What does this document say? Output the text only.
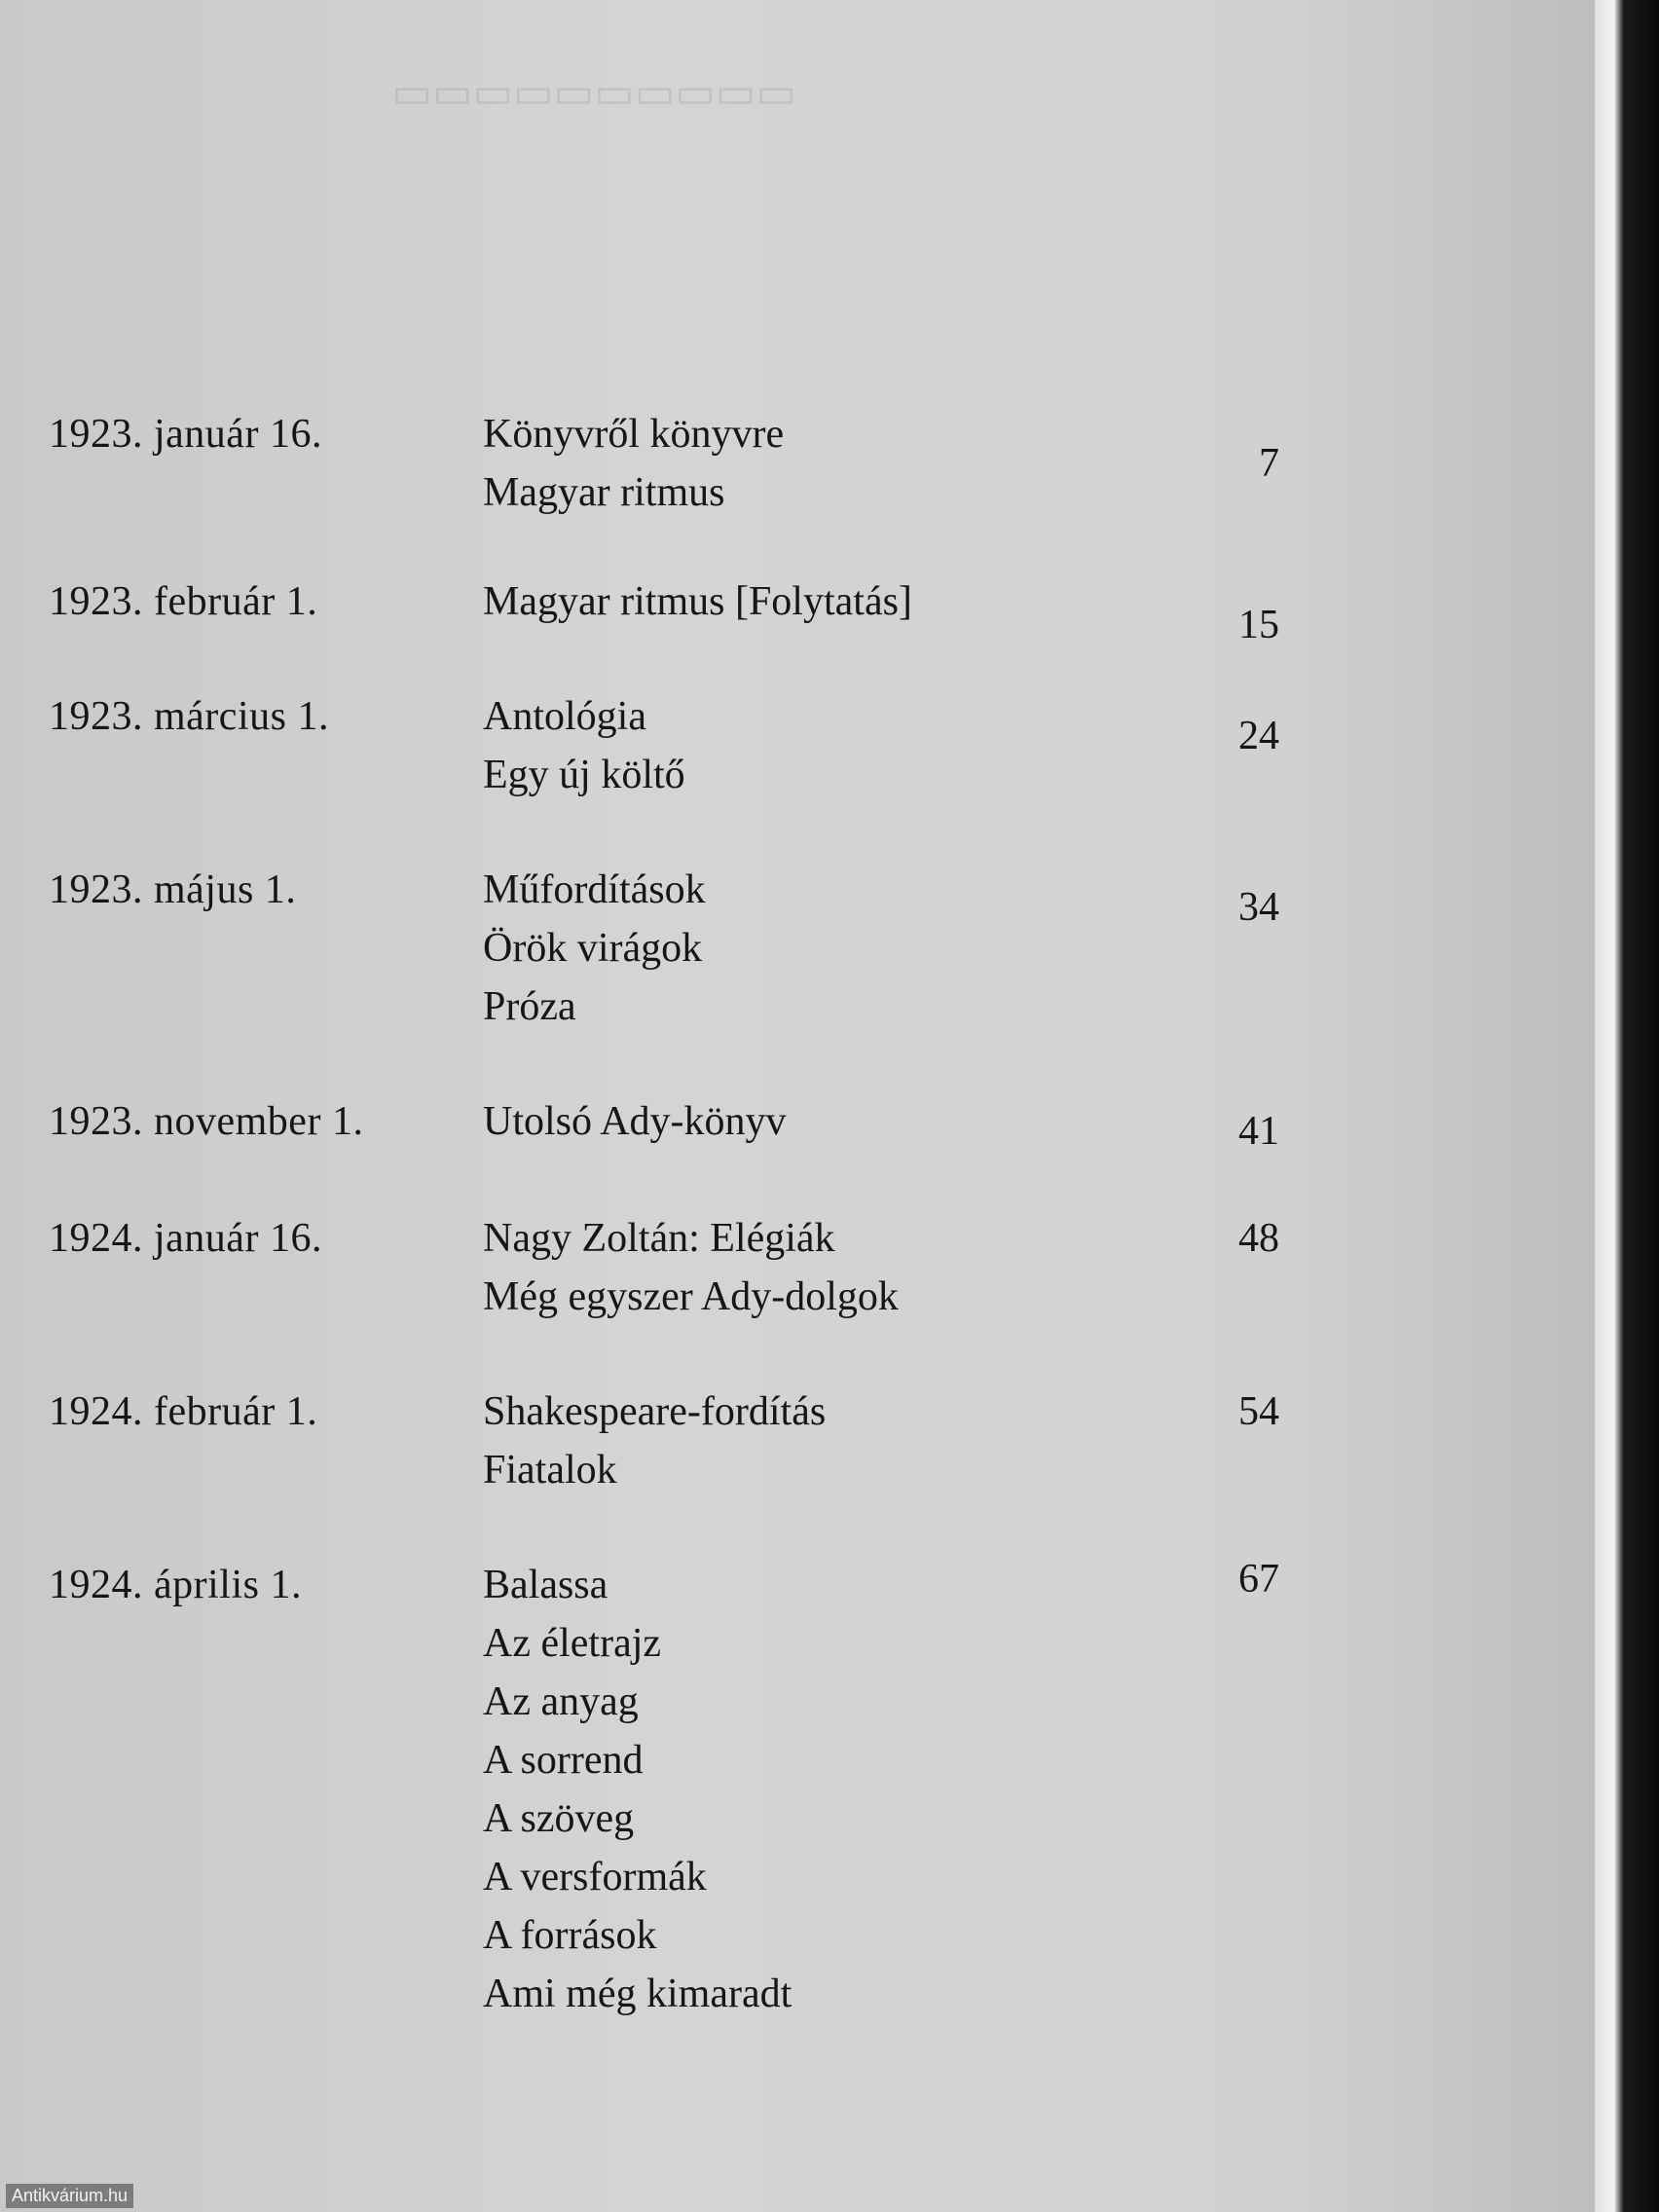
▭▭▭▭▭▭▭▭▭▭
1923. január 16.	Könyvről könyvre
Magyar ritmus
7
1923. február 1.	Magyar ritmus [Folytatás]
15
1923. március 1.	Antológia
Egy új költő
24
1923. május 1.	Műfordítások
Örök virágok
Próza
34
1923. november 1.	Utolsó Ady-könyv	41
1924. január 16.	Nagy Zoltán: Elégiák
Még egyszer Ady-dolgok
48
1924. február 1.	Shakespeare-fordítás
Fiatalok
54
1924. április 1.	Balassa
Az életrajz
Az anyag
A sorrend
A szöveg
A versformák
A források
Ami még kimaradt
67
Antikvárium.hu
